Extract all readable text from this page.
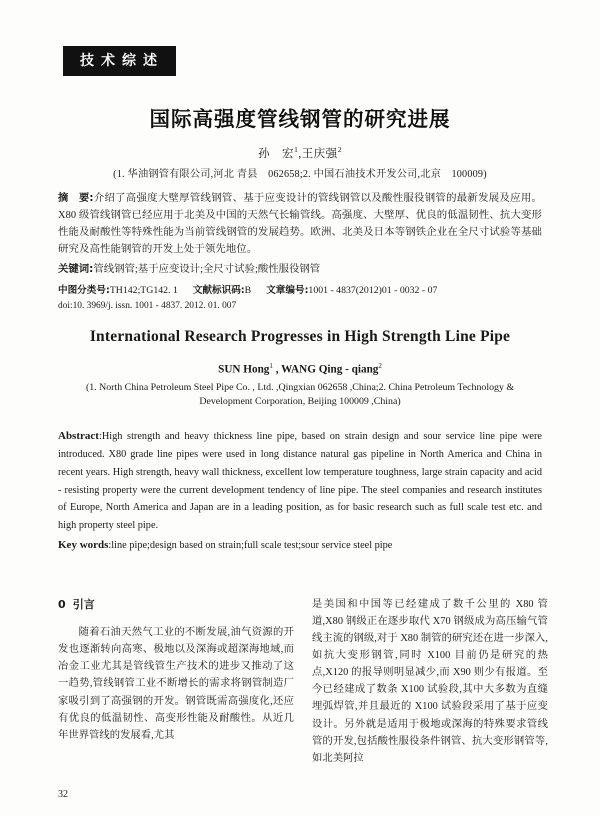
技术综述
国际高强度管线钢管的研究进展
孙　宏$^1$,王庆强$^2$
(1. 华油钢管有限公司,河北 青县　062658;2. 中国石油技术开发公司,北京　100009)
摘　要:介绍了高强度大壁厚管线钢管、基于应变设计的管线钢管以及酸性服役钢管的最新发展及应用。X80 级管线钢管已经应用于北美及中国的天然气长输管线。高强度、大壁厚、优良的低温韧性、抗大变形性能及耐酸性等特殊性能为当前管线钢管的发展趋势。欧洲、北美及日本等钢铁企业在全尺寸试验等基础研究及高性能钢管的开发上处于领先地位。
关键词:管线钢管;基于应变设计;全尺寸试验;酸性服役钢管
中图分类号:TH142;TG142. 1 文献标识码:B 文章编号:1001 - 4837(2012)01 - 0032 - 07
doi:10. 3969/j. issn. 1001 - 4837. 2012. 01. 007
International Research Progresses in High Strength Line Pipe
SUN Hong$^1$ , WANG Qing - qiang$^2$
(1. North China Petroleum Steel Pipe Co. , Ltd. ,Qingxian 062658 ,China;2. China Petroleum Technology & Development Corporation, Beijing 100009 ,China)
Abstract:High strength and heavy thickness line pipe, based on strain design and sour service line pipe were introduced. X80 grade line pipes were used in long distance natural gas pipeline in North America and China in recent years. High strength, heavy wall thickness, excellent low temperature toughness, large strain capacity and acid - resisting property were the current development tendency of line pipe. The steel companies and research institutes of Europe, North America and Japan are in a leading position, as for basic research such as full scale test etc. and high property steel pipe.
Key words:line pipe;design based on strain;full scale test;sour service steel pipe
0 引言

随着石油天然气工业的不断发展,油气资源的开发也逐渐转向高寒、极地以及深海或超深海地域,而冶金工业尤其是管线管生产技术的进步又推动了这一趋势,管线钢管工业不断增长的需求将钢管制造厂家吸引到了高强钢的开发。钢管既需高强度化,还应有优良的低温韧性、高变形性能及耐酸性。从近几年世界管线的发展看,尤其

是美国和中国等已经建成了数千公里的 X80 管道,X80 钢级正在逐步取代 X70 钢级成为高压输气管线主流的钢级,对于 X80 制管的研究还在进一步深入,如抗大变形钢管,同时 X100 目前仍是研究的热点,X120 的报导则明显减少,而 X90 则少有报道。至今已经建成了数条 X100 试验段,其中大多数为直缝埋弧焊管,并且最近的 X100 试验段采用了基于应变设计。另外就是适用于极地或深海的特殊要求管线管的开发,包括酸性服役条件钢管、抗大变形钢管等,如北美阿拉

32
